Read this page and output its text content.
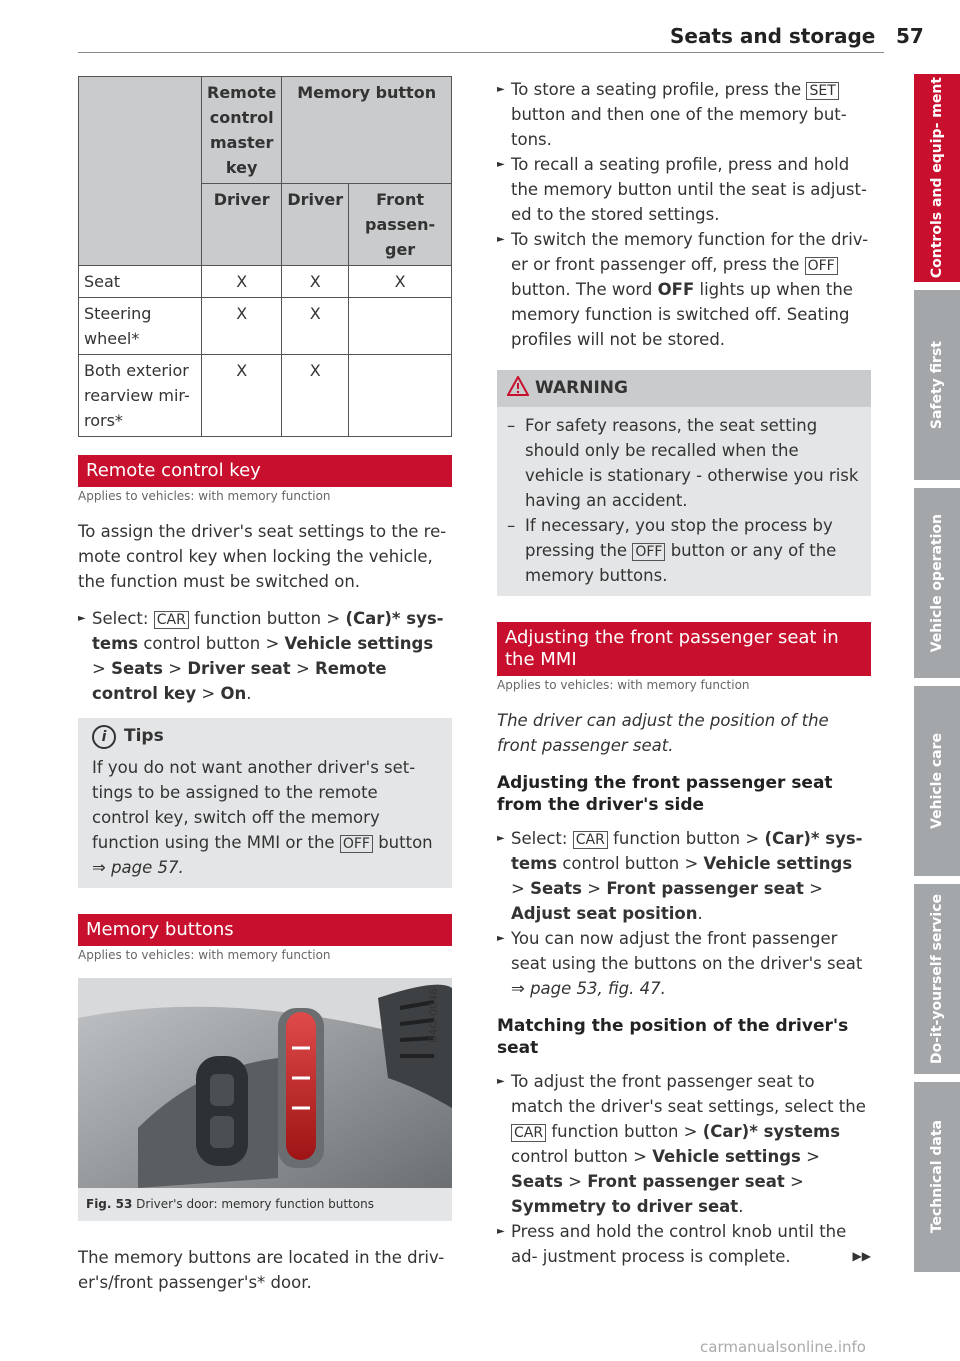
Seats and storage 57
	Remote control master key	Memory button	
	Driver	Driver	Front passen- ger
Seat	X	X	X
Steering wheel*	X	X	
Both exterior rearview mir- rors*	X	X	
Remote control key
Applies to vehicles: with memory function

To assign the driver's seat settings to the re- mote control key when locking the vehicle, the function must be switched on.

► Select: CAR function button > (Car)* sys- tems control button > Vehicle settings > Seats > Driver seat > Remote control key > On.
i Tips
If you do not want another driver's set- tings to be assigned to the remote control key, switch off the memory function using the MMI or the OFF button ⇒ page 57.
Memory buttons
Applies to vehicles: with memory function
B4G-0046
Fig. 53 Driver's door: memory function buttons

The memory buttons are located in the driv- er's/front passenger's* door.

► To store a seating profile, press the SET button and then one of the memory but- tons.
► To recall a seating profile, press and hold the memory button until the seat is adjust- ed to the stored settings.
► To switch the memory function for the driv- er or front passenger off, press the OFF button. The word OFF lights up when the memory function is switched off. Seating profiles will not be stored.
WARNING
– For safety reasons, the seat setting should only be recalled when the vehicle is stationary - otherwise you risk having an accident.
– If necessary, you stop the process by pressing the OFF button or any of the memory buttons.
Adjusting the front passenger seat in the MMI
Applies to vehicles: with memory function

The driver can adjust the position of the front passenger seat.

Adjusting the front passenger seat from the driver's side
► Select: CAR function button > (Car)* sys- tems control button > Vehicle settings > Seats > Front passenger seat > Adjust seat position.
► You can now adjust the front passenger seat using the buttons on the driver's seat ⇒ page 53, fig. 47.
Matching the position of the driver's seat
► To adjust the front passenger seat to match the driver's seat settings, select the CAR function button > (Car)* systems control button > Vehicle settings > Seats > Front passenger seat > Symmetry to driver seat.
► Press and hold the control knob until the ad- justment process is complete.	▶▶
Controls and equip- ment
Safety first
Vehicle operation
Vehicle care
Do-it-yourself service
Technical data
carmanualsonline.info
